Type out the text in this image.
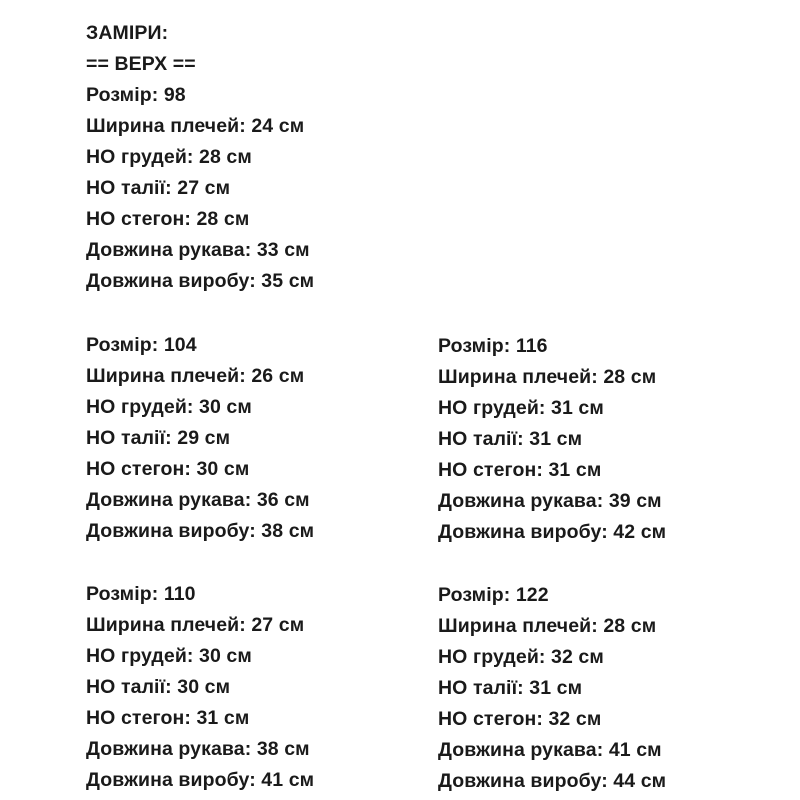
ЗАМІРИ:
== ВЕРХ ==
Розмір: 98
Ширина плечей: 24 см
НО грудей: 28 см
НО талії: 27 см
НО стегон: 28 см
Довжина рукава: 33 см
Довжина виробу: 35 см
Розмір: 104
Ширина плечей: 26 см
НО грудей: 30 см
НО талії: 29 см
НО стегон: 30 см
Довжина рукава: 36 см
Довжина виробу: 38 см
Розмір: 116
Ширина плечей: 28 см
НО грудей: 31 см
НО талії: 31 см
НО стегон: 31 см
Довжина рукава: 39 см
Довжина виробу: 42 см
Розмір: 110
Ширина плечей: 27 см
НО грудей: 30 см
НО талії: 30 см
НО стегон: 31 см
Довжина рукава: 38 см
Довжина виробу: 41 см
Розмір: 122
Ширина плечей: 28 см
НО грудей: 32 см
НО талії: 31 см
НО стегон: 32 см
Довжина рукава: 41 см
Довжина виробу: 44 см
